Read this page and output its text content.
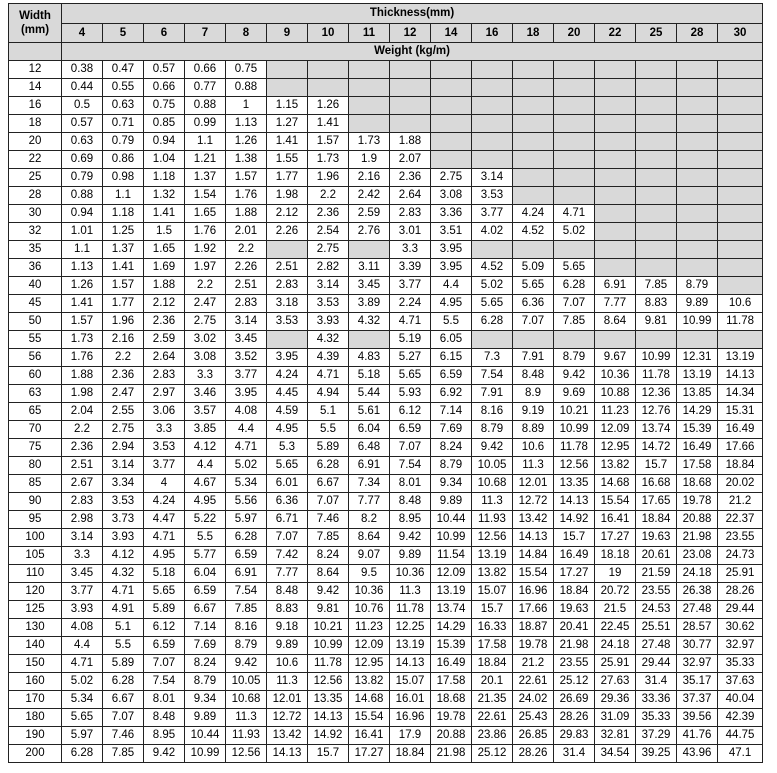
Width
(mm)	Thickness(mm)																
	4	5	6	7	8	9	10	11	12	14	16	18	20	22	25	28	30
	Weight (kg/m)																
12	0.38	0.47	0.57	0.66	0.75												
14	0.44	0.55	0.66	0.77	0.88												
16	0.5	0.63	0.75	0.88	1	1.15	1.26										
18	0.57	0.71	0.85	0.99	1.13	1.27	1.41										
20	0.63	0.79	0.94	1.1	1.26	1.41	1.57	1.73	1.88								
22	0.69	0.86	1.04	1.21	1.38	1.55	1.73	1.9	2.07								
25	0.79	0.98	1.18	1.37	1.57	1.77	1.96	2.16	2.36	2.75	3.14						
28	0.88	1.1	1.32	1.54	1.76	1.98	2.2	2.42	2.64	3.08	3.53						
30	0.94	1.18	1.41	1.65	1.88	2.12	2.36	2.59	2.83	3.36	3.77	4.24	4.71				
32	1.01	1.25	1.5	1.76	2.01	2.26	2.54	2.76	3.01	3.51	4.02	4.52	5.02				
35	1.1	1.37	1.65	1.92	2.2		2.75		3.3	3.95							
36	1.13	1.41	1.69	1.97	2.26	2.51	2.82	3.11	3.39	3.95	4.52	5.09	5.65				
40	1.26	1.57	1.88	2.2	2.51	2.83	3.14	3.45	3.77	4.4	5.02	5.65	6.28	6.91	7.85	8.79	
45	1.41	1.77	2.12	2.47	2.83	3.18	3.53	3.89	2.24	4.95	5.65	6.36	7.07	7.77	8.83	9.89	10.6
50	1.57	1.96	2.36	2.75	3.14	3.53	3.93	4.32	4.71	5.5	6.28	7.07	7.85	8.64	9.81	10.99	11.78
55	1.73	2.16	2.59	3.02	3.45		4.32		5.19	6.05							
56	1.76	2.2	2.64	3.08	3.52	3.95	4.39	4.83	5.27	6.15	7.3	7.91	8.79	9.67	10.99	12.31	13.19
60	1.88	2.36	2.83	3.3	3.77	4.24	4.71	5.18	5.65	6.59	7.54	8.48	9.42	10.36	11.78	13.19	14.13
63	1.98	2.47	2.97	3.46	3.95	4.45	4.94	5.44	5.93	6.92	7.91	8.9	9.69	10.88	12.36	13.85	14.34
65	2.04	2.55	3.06	3.57	4.08	4.59	5.1	5.61	6.12	7.14	8.16	9.19	10.21	11.23	12.76	14.29	15.31
70	2.2	2.75	3.3	3.85	4.4	4.95	5.5	6.04	6.59	7.69	8.79	8.89	10.99	12.09	13.74	15.39	16.49
75	2.36	2.94	3.53	4.12	4.71	5.3	5.89	6.48	7.07	8.24	9.42	10.6	11.78	12.95	14.72	16.49	17.66
80	2.51	3.14	3.77	4.4	5.02	5.65	6.28	6.91	7.54	8.79	10.05	11.3	12.56	13.82	15.7	17.58	18.84
85	2.67	3.34	4	4.67	5.34	6.01	6.67	7.34	8.01	9.34	10.68	12.01	13.35	14.68	16.68	18.68	20.02
90	2.83	3.53	4.24	4.95	5.56	6.36	7.07	7.77	8.48	9.89	11.3	12.72	14.13	15.54	17.65	19.78	21.2
95	2.98	3.73	4.47	5.22	5.97	6.71	7.46	8.2	8.95	10.44	11.93	13.42	14.92	16.41	18.84	20.88	22.37
100	3.14	3.93	4.71	5.5	6.28	7.07	7.85	8.64	9.42	10.99	12.56	14.13	15.7	17.27	19.63	21.98	23.55
105	3.3	4.12	4.95	5.77	6.59	7.42	8.24	9.07	9.89	11.54	13.19	14.84	16.49	18.18	20.61	23.08	24.73
110	3.45	4.32	5.18	6.04	6.91	7.77	8.64	9.5	10.36	12.09	13.82	15.54	17.27	19	21.59	24.18	25.91
120	3.77	4.71	5.65	6.59	7.54	8.48	9.42	10.36	11.3	13.19	15.07	16.96	18.84	20.72	23.55	26.38	28.26
125	3.93	4.91	5.89	6.67	7.85	8.83	9.81	10.76	11.78	13.74	15.7	17.66	19.63	21.5	24.53	27.48	29.44
130	4.08	5.1	6.12	7.14	8.16	9.18	10.21	11.23	12.25	14.29	16.33	18.87	20.41	22.45	25.51	28.57	30.62
140	4.4	5.5	6.59	7.69	8.79	9.89	10.99	12.09	13.19	15.39	17.58	19.78	21.98	24.18	27.48	30.77	32.97
150	4.71	5.89	7.07	8.24	9.42	10.6	11.78	12.95	14.13	16.49	18.84	21.2	23.55	25.91	29.44	32.97	35.33
160	5.02	6.28	7.54	8.79	10.05	11.3	12.56	13.82	15.07	17.58	20.1	22.61	25.12	27.63	31.4	35.17	37.63
170	5.34	6.67	8.01	9.34	10.68	12.01	13.35	14.68	16.01	18.68	21.35	24.02	26.69	29.36	33.36	37.37	40.04
180	5.65	7.07	8.48	9.89	11.3	12.72	14.13	15.54	16.96	19.78	22.61	25.43	28.26	31.09	35.33	39.56	42.39
190	5.97	7.46	8.95	10.44	11.93	13.42	14.92	16.41	17.9	20.88	23.86	26.85	29.83	32.81	37.29	41.76	44.75
200	6.28	7.85	9.42	10.99	12.56	14.13	15.7	17.27	18.84	21.98	25.12	28.26	31.4	34.54	39.25	43.96	47.1
